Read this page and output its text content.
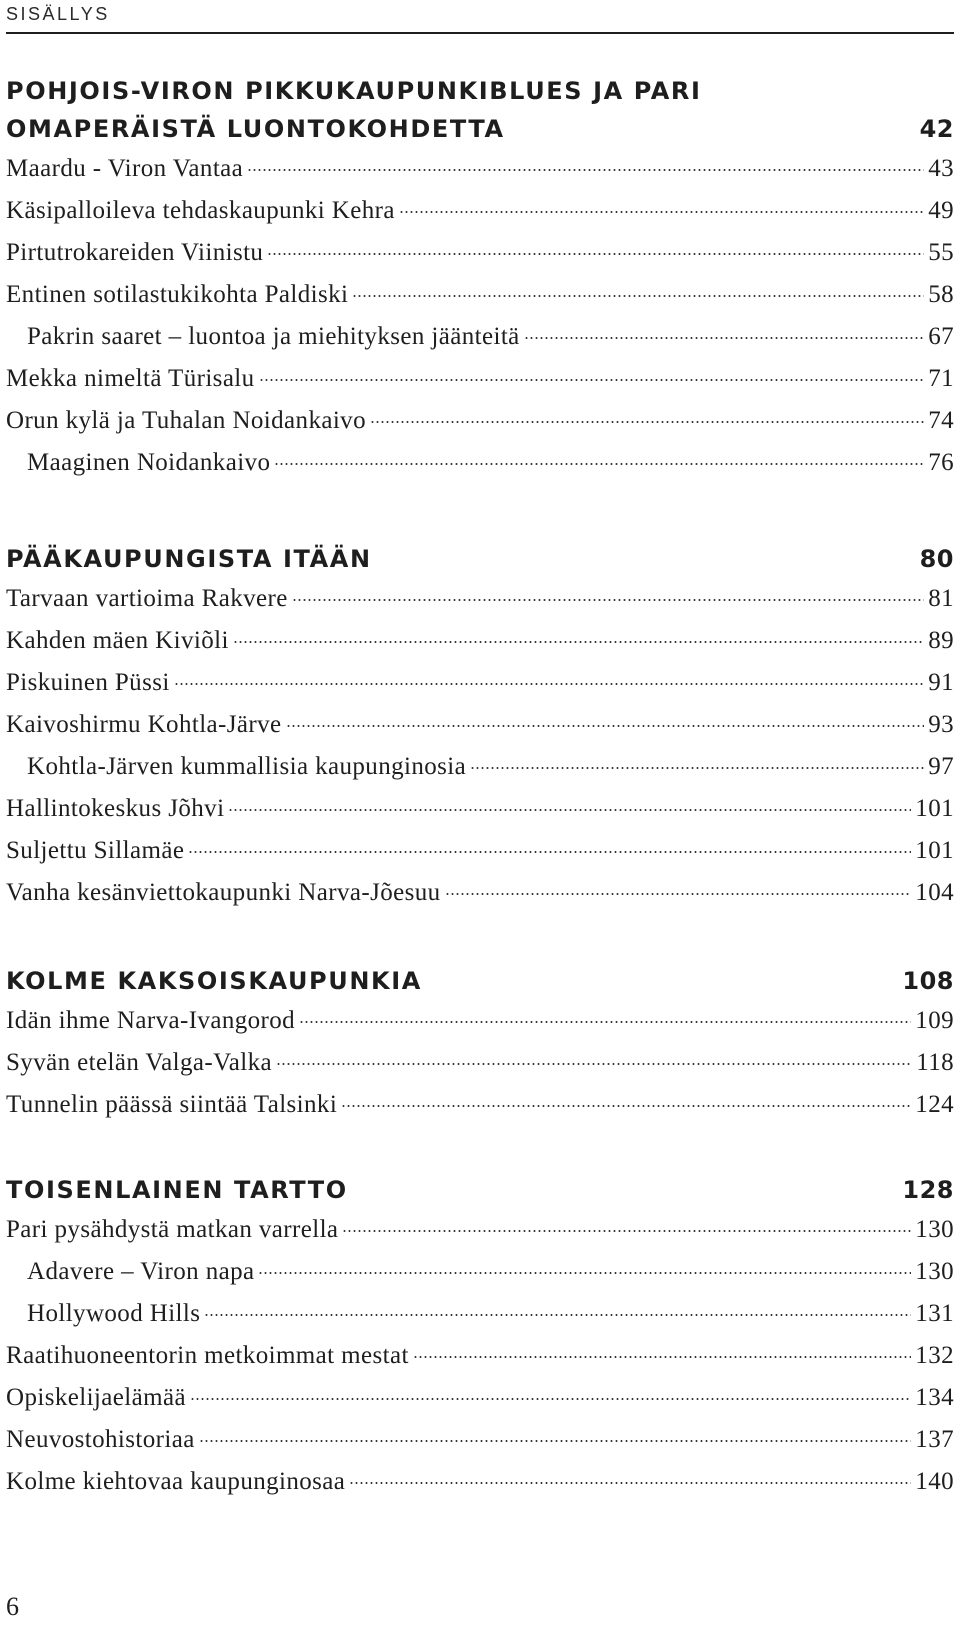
SISÄLLYS
POHJOIS-VIRON PIKKUKAUPUNKIBLUES JA PARI
OMAPERÄISTÄ LUONTOKOHDETTA	42
Maardu - Viron Vantaa	43
Käsipalloileva tehdaskaupunki Kehra	49
Pirtutrokareiden Viinistu	55
Entinen sotilastukikohta Paldiski	58
Pakrin saaret – luontoa ja miehityksen jäänteitä	67
Mekka nimeltä Türisalu	71
Orun kylä ja Tuhalan Noidankaivo	74
Maaginen Noidankaivo	76
PÄÄKAUPUNGISTA ITÄÄN	80
Tarvaan vartioima Rakvere	81
Kahden mäen Kiviõli	89
Piskuinen Püssi	91
Kaivoshirmu Kohtla-Järve	93
Kohtla-Järven kummallisia kaupunginosia	97
Hallintokeskus Jõhvi	101
Suljettu Sillamäe	101
Vanha kesänviettokaupunki Narva-Jõesuu	104
KOLME KAKSOISKAUPUNKIA	108
Idän ihme Narva-Ivangorod	109
Syvän etelän Valga-Valka	118
Tunnelin päässä siintää Talsinki	124
TOISENLAINEN TARTTO	128
Pari pysähdystä matkan varrella	130
Adavere – Viron napa	130
Hollywood Hills	131
Raatihuoneentorin metkoimmat mestat	132
Opiskelijaelämää	134
Neuvostohistoriaa	137
Kolme kiehtovaa kaupunginosaa	140
6
